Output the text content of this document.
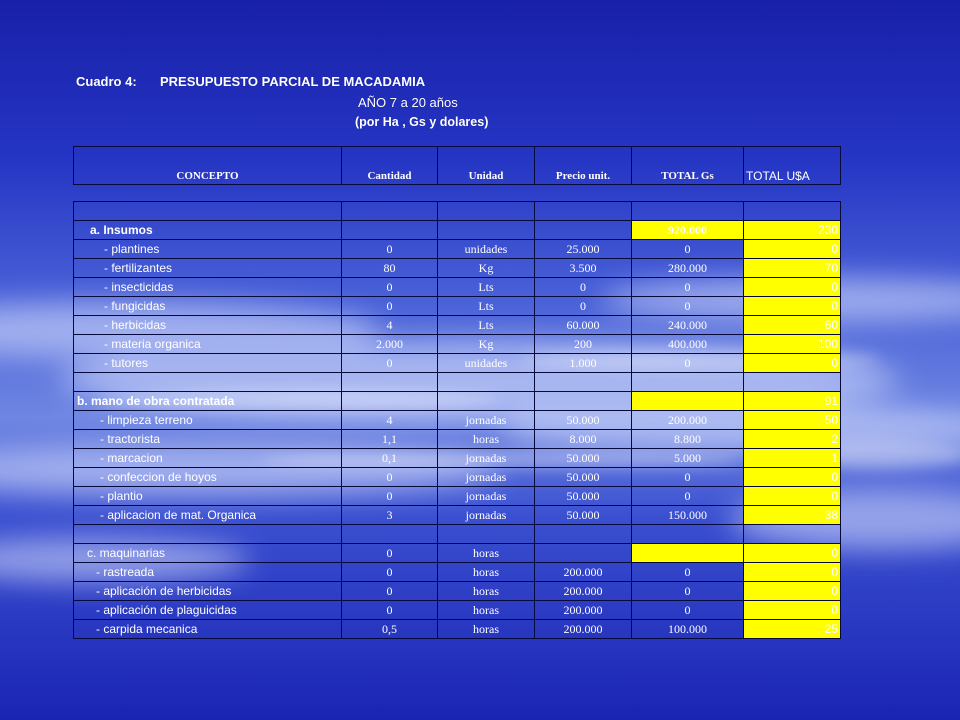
Cuadro 4: PRESUPUESTO PARCIAL DE MACADAMIA
AÑO 7 a 20 años
(por Ha , Gs y dolares)
CONCEPTO	Cantidad	Unidad	Precio unit.	TOTAL Gs	TOTAL U$A

a. Insumos				920.000	230
- plantines	0	unidades	25.000	0	0
- fertilizantes	80	Kg	3.500	280.000	70
- insecticidas	0	Lts	0	0	0
- fungicidas	0	Lts	0	0	0
- herbicidas	4	Lts	60.000	240.000	60
- materia organica	2.000	Kg	200	400.000	100
- tutores	0	unidades	1.000	0	0

b. mano de obra contratada					91
- limpieza terreno	4	jornadas	50.000	200.000	50
- tractorista	1,1	horas	8.000	8.800	2
- marcacion	0,1	jornadas	50.000	5.000	1
- confeccion de hoyos	0	jornadas	50.000	0	0
- plantio	0	jornadas	50.000	0	0
- aplicacion de mat. Organica	3	jornadas	50.000	150.000	38

c. maquinarias	0	horas			0
- rastreada	0	horas	200.000	0	0
- aplicación de herbicidas	0	horas	200.000	0	0
- aplicación de plaguicidas	0	horas	200.000	0	0
- carpida mecanica	0,5	horas	200.000	100.000	25
